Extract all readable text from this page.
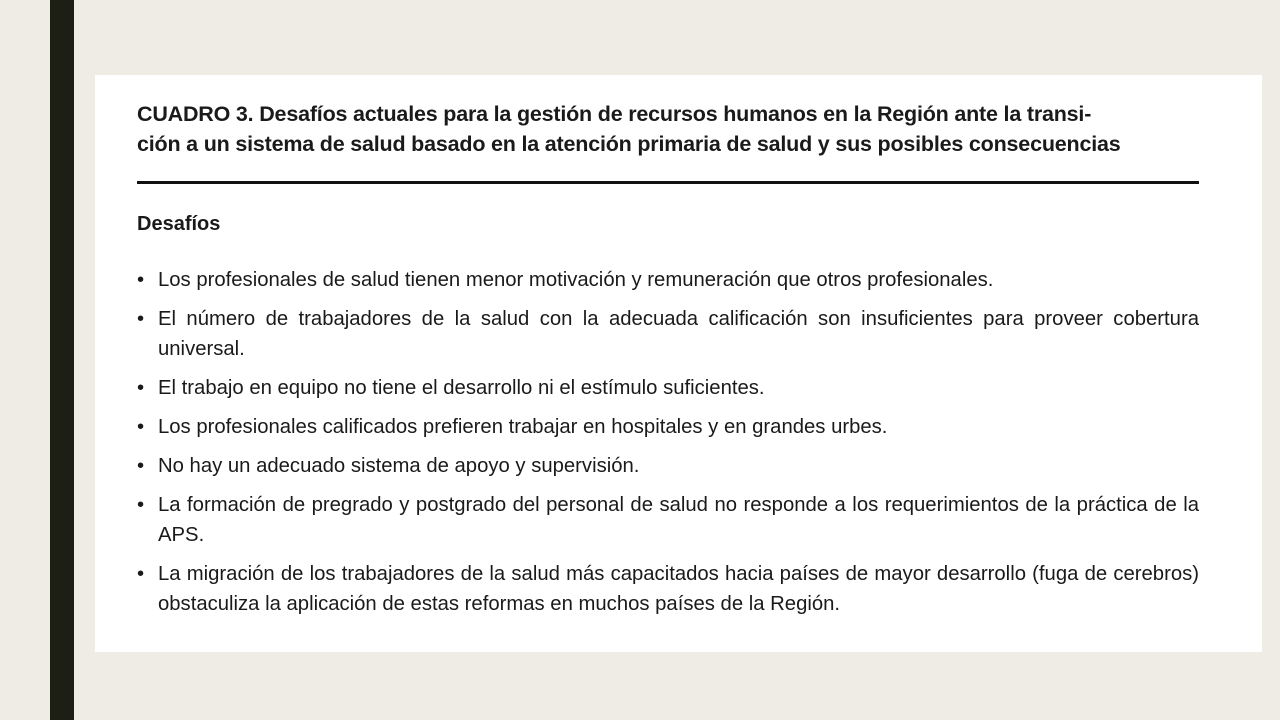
CUADRO 3. Desafíos actuales para la gestión de recursos humanos en la Región ante la transi-
ción a un sistema de salud basado en la atención primaria de salud y sus posibles consecuencias
Desafíos
• Los profesionales de salud tienen menor motivación y remuneración que otros profesionales.
• El número de trabajadores de la salud con la adecuada calificación son insuficientes para proveer cobertura universal.
• El trabajo en equipo no tiene el desarrollo ni el estímulo suficientes.
• Los profesionales calificados prefieren trabajar en hospitales y en grandes urbes.
• No hay un adecuado sistema de apoyo y supervisión.
• La formación de pregrado y postgrado del personal de salud no responde a los requerimientos de la práctica de la APS.
• La migración de los trabajadores de la salud más capacitados hacia países de mayor desarrollo (fuga de cerebros) obstaculiza la aplicación de estas reformas en muchos países de la Región.
